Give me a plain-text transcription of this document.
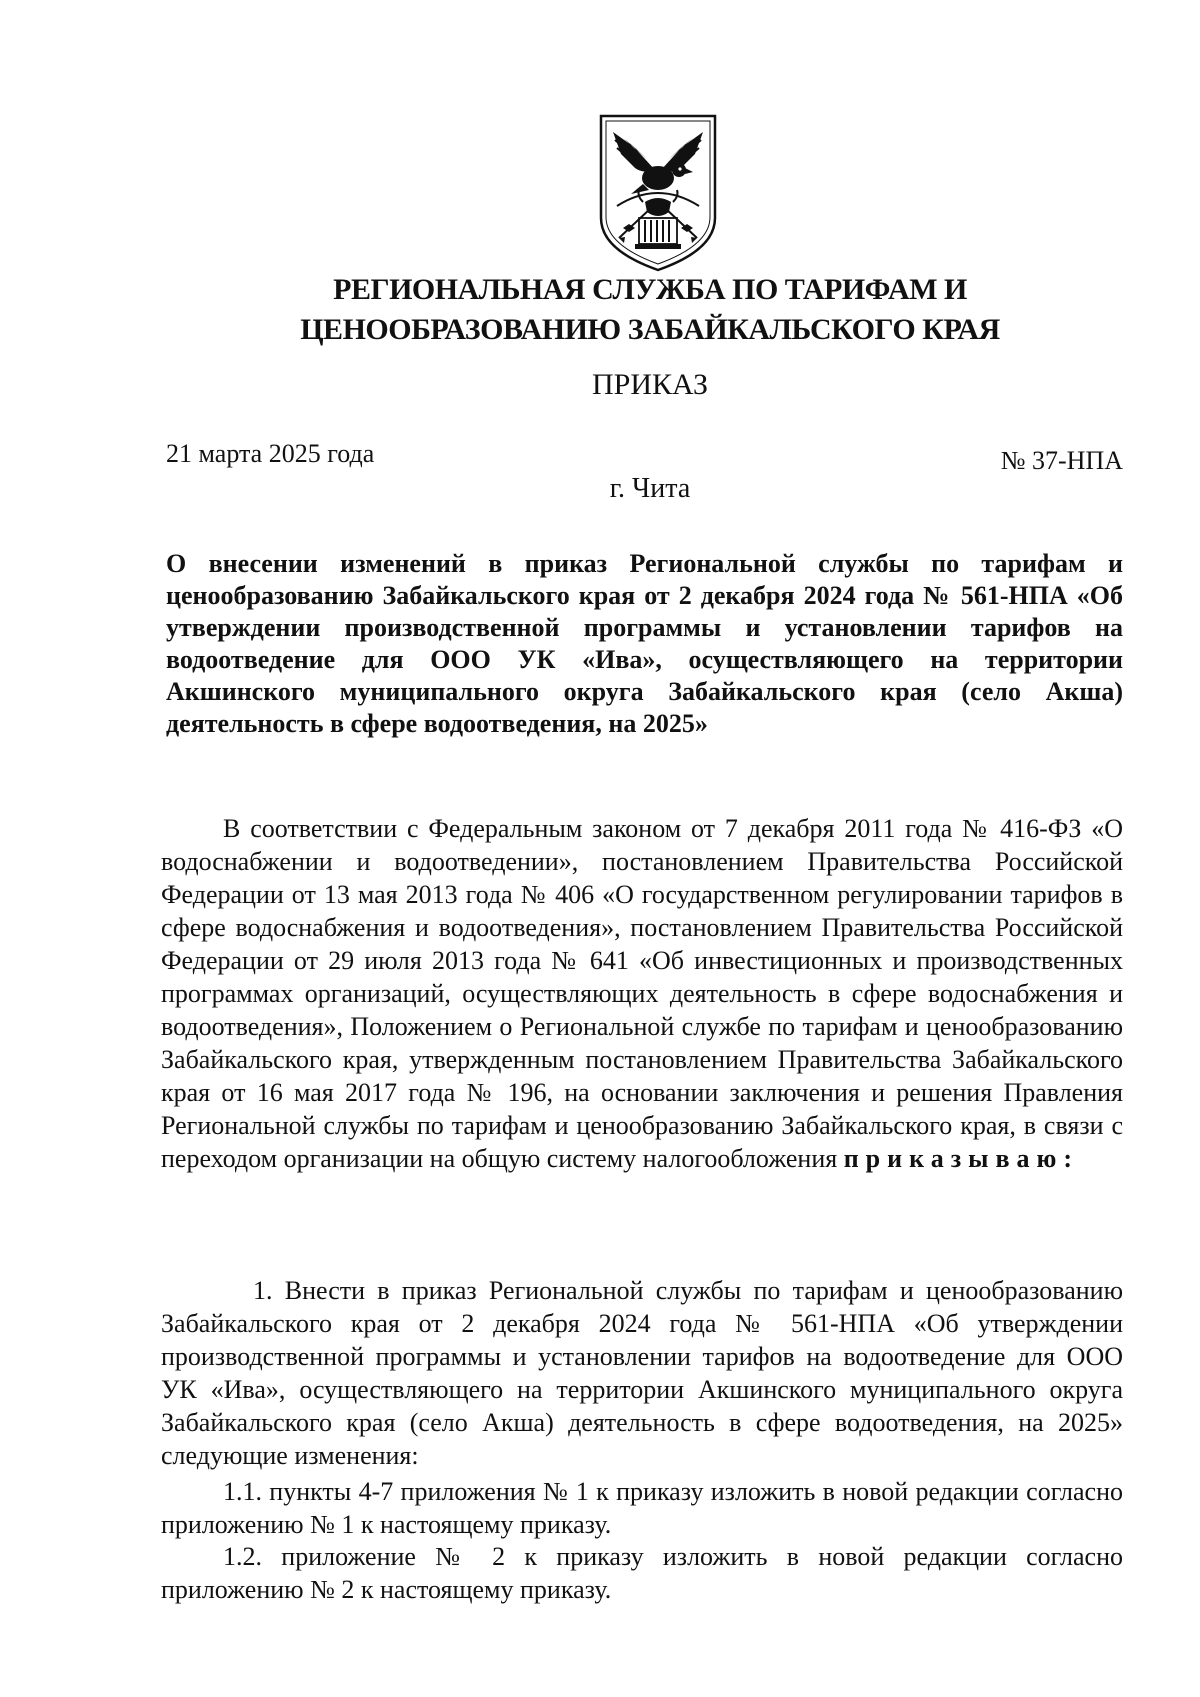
РЕГИОНАЛЬНАЯ СЛУЖБА ПО ТАРИФАМ И
ЦЕНООБРАЗОВАНИЮ ЗАБАЙКАЛЬСКОГО КРАЯ
ПРИКАЗ
21 марта 2025 года	№ 37-НПА
г. Чита
О внесении изменений в приказ Региональной службы по тарифам и ценообразованию Забайкальского края от 2 декабря 2024 года № 561-НПА «Об утверждении производственной программы и установлении тарифов на водоотведение для ООО УК «Ива», осуществляющего на территории Акшинского муниципального округа Забайкальского края (село Акша) деятельность в сфере водоотведения, на 2025»
В соответствии с Федеральным законом от 7 декабря 2011 года № 416-ФЗ «О водоснабжении и водоотведении», постановлением Правительства Российской Федерации от 13 мая 2013 года № 406 «О государственном регулировании тарифов в сфере водоснабжения и водоотведения», постановлением Правительства Российской Федерации от 29 июля 2013 года № 641 «Об инвестиционных и производственных программах организаций, осуществляющих деятельность в сфере водоснабжения и водоотведения», Положением о Региональной службе по тарифам и ценообразованию Забайкальского края, утвержденным постановлением Правительства Забайкальского края от 16 мая 2017 года № 196, на основании заключения и решения Правления Региональной службы по тарифам и ценообразованию Забайкальского края, в связи с переходом организации на общую систему налогообложения приказываю:
1. Внести в приказ Региональной службы по тарифам и ценообразованию Забайкальского края от 2 декабря 2024 года № 561-НПА «Об утверждении производственной программы и установлении тарифов на водоотведение для ООО УК «Ива», осуществляющего на территории Акшинского муниципального округа Забайкальского края (село Акша) деятельность в сфере водоотведения, на 2025» следующие изменения:
1.1. пункты 4-7 приложения № 1 к приказу изложить в новой редакции согласно приложению № 1 к настоящему приказу.
1.2. приложение № 2 к приказу изложить в новой редакции согласно приложению № 2 к настоящему приказу.
